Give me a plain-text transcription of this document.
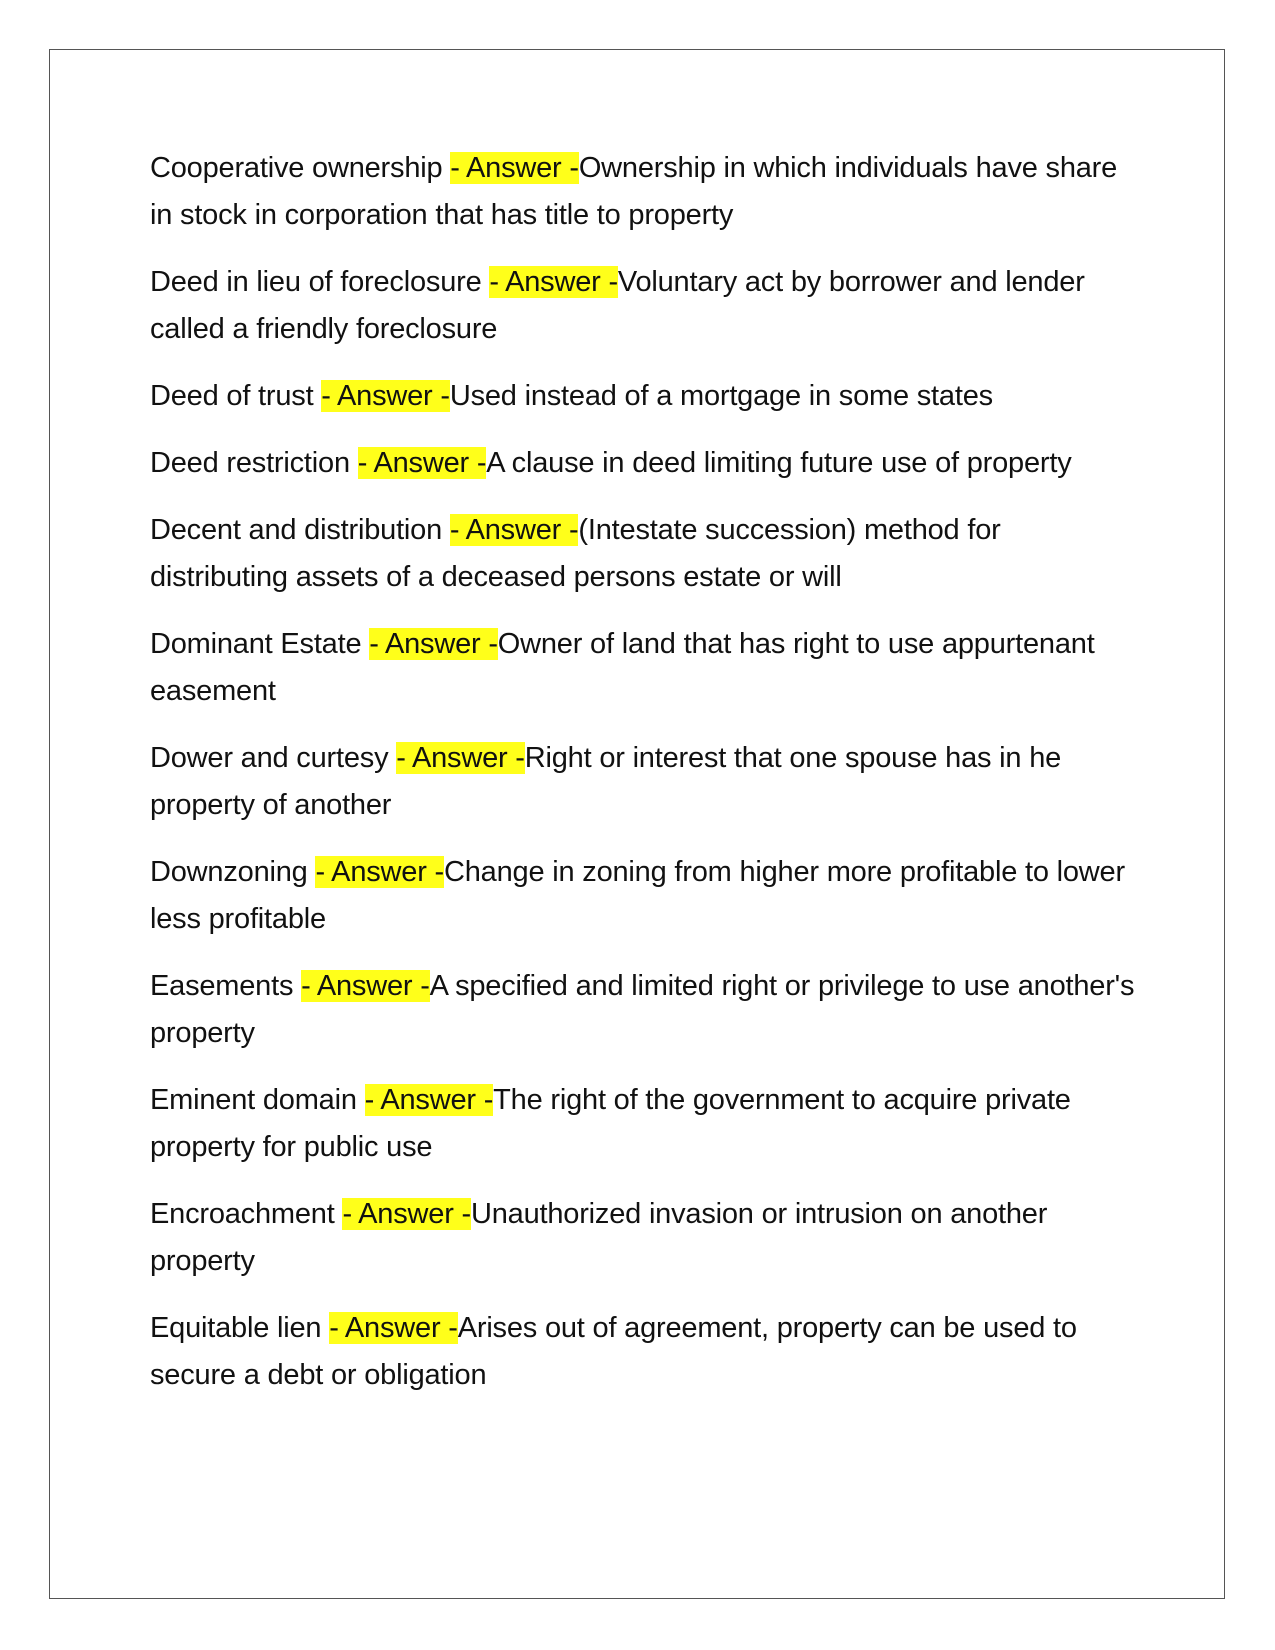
Cooperative ownership - Answer -Ownership in which individuals have share in stock in corporation that has title to property

Deed in lieu of foreclosure - Answer -Voluntary act by borrower and lender called a friendly foreclosure

Deed of trust - Answer -Used instead of a mortgage in some states

Deed restriction - Answer -A clause in deed limiting future use of property

Decent and distribution - Answer -(Intestate succession) method for distributing assets of a deceased persons estate or will

Dominant Estate - Answer -Owner of land that has right to use appurtenant easement

Dower and curtesy - Answer -Right or interest that one spouse has in he property of another

Downzoning - Answer -Change in zoning from higher more profitable to lower less profitable

Easements - Answer -A specified and limited right or privilege to use another's property

Eminent domain - Answer -The right of the government to acquire private property for public use

Encroachment - Answer -Unauthorized invasion or intrusion on another property

Equitable lien - Answer -Arises out of agreement, property can be used to secure a debt or obligation
